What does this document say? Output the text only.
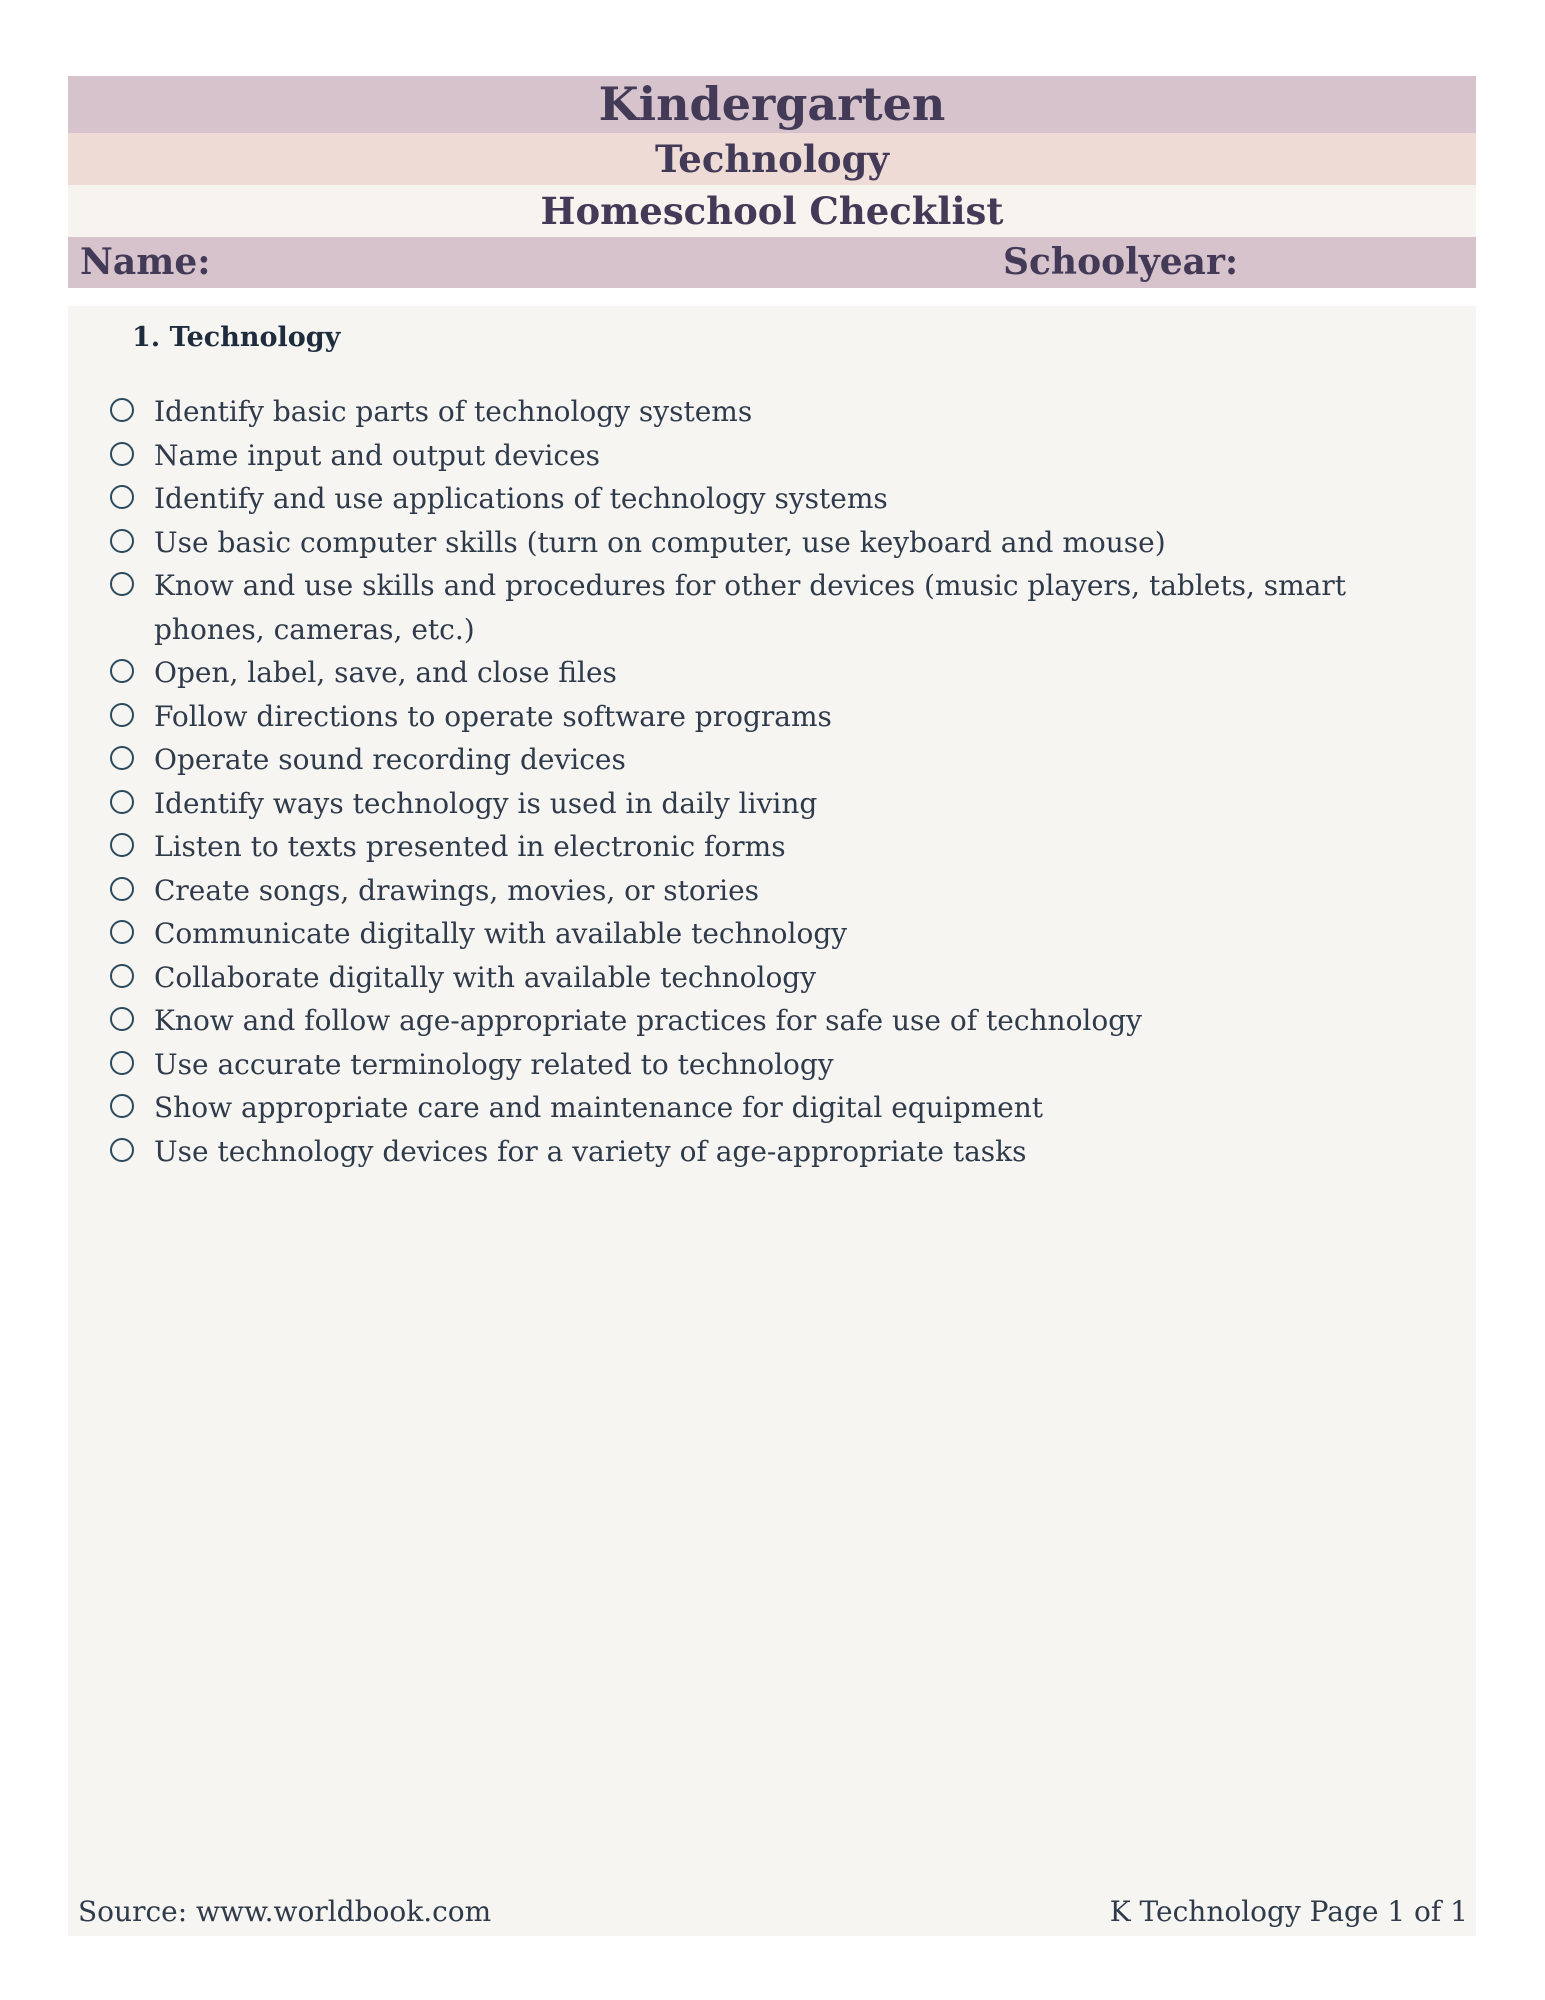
Kindergarten
Technology
Homeschool Checklist
Name:	Schoolyear:
1. Technology
Identify basic parts of technology systems
Name input and output devices
Identify and use applications of technology systems
Use basic computer skills (turn on computer, use keyboard and mouse)
Know and use skills and procedures for other devices (music players, tablets, smart phones, cameras, etc.)
Open, label, save, and close files
Follow directions to operate software programs
Operate sound recording devices
Identify ways technology is used in daily living
Listen to texts presented in electronic forms
Create songs, drawings, movies, or stories
Communicate digitally with available technology
Collaborate digitally with available technology
Know and follow age-appropriate practices for safe use of technology
Use accurate terminology related to technology
Show appropriate care and maintenance for digital equipment
Use technology devices for a variety of age-appropriate tasks
Source: www.worldbook.com	K Technology Page 1 of 1
